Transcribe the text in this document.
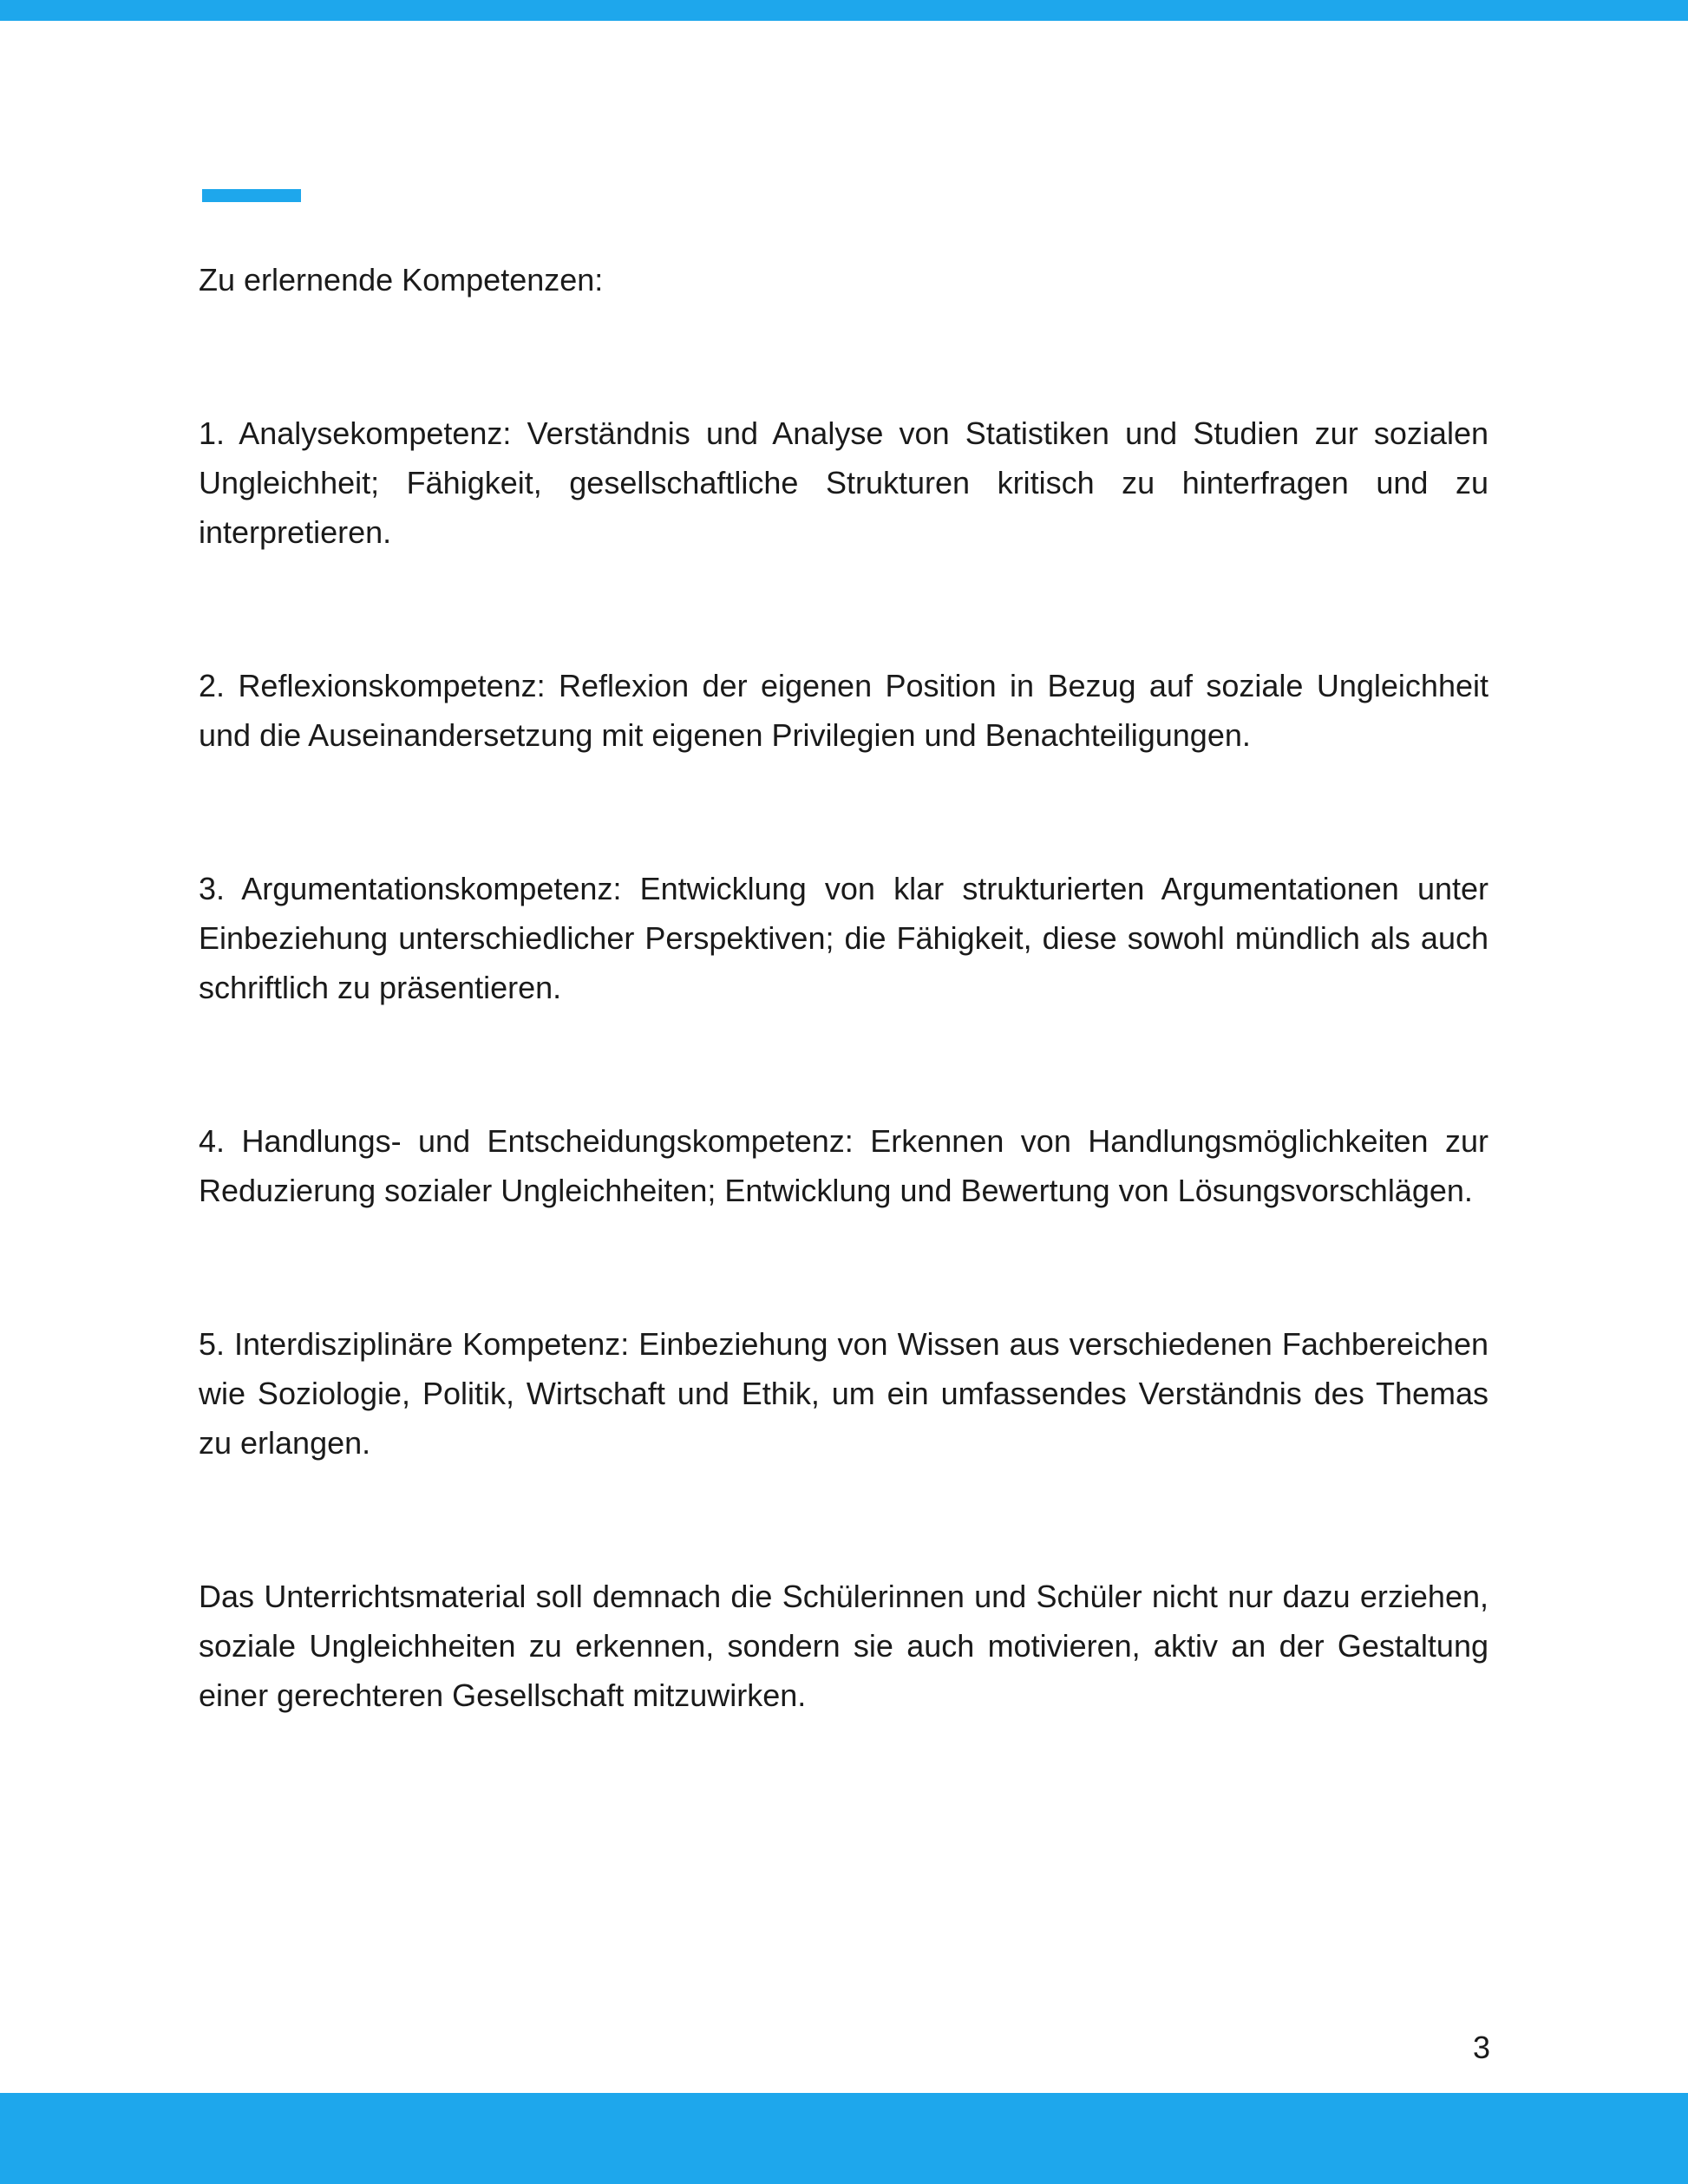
Zu erlernende Kompetenzen:

1. Analysekompetenz: Verständnis und Analyse von Statistiken und Studien zur sozialen Ungleichheit; Fähigkeit, gesellschaftliche Strukturen kritisch zu hinterfragen und zu interpretieren.

2. Reflexionskompetenz: Reflexion der eigenen Position in Bezug auf soziale Ungleichheit und die Auseinandersetzung mit eigenen Privilegien und Benachteiligungen.

3. Argumentationskompetenz: Entwicklung von klar strukturierten Argumentationen unter Einbeziehung unterschiedlicher Perspektiven; die Fähigkeit, diese sowohl mündlich als auch schriftlich zu präsentieren.

4. Handlungs- und Entscheidungskompetenz: Erkennen von Handlungsmöglichkeiten zur Reduzierung sozialer Ungleichheiten; Entwicklung und Bewertung von Lösungsvorschlägen.

5. Interdisziplinäre Kompetenz: Einbeziehung von Wissen aus verschiedenen Fachbereichen wie Soziologie, Politik, Wirtschaft und Ethik, um ein umfassendes Verständnis des Themas zu erlangen.

Das Unterrichtsmaterial soll demnach die Schülerinnen und Schüler nicht nur dazu erziehen, soziale Ungleichheiten zu erkennen, sondern sie auch motivieren, aktiv an der Gestaltung einer gerechteren Gesellschaft mitzuwirken.

3
